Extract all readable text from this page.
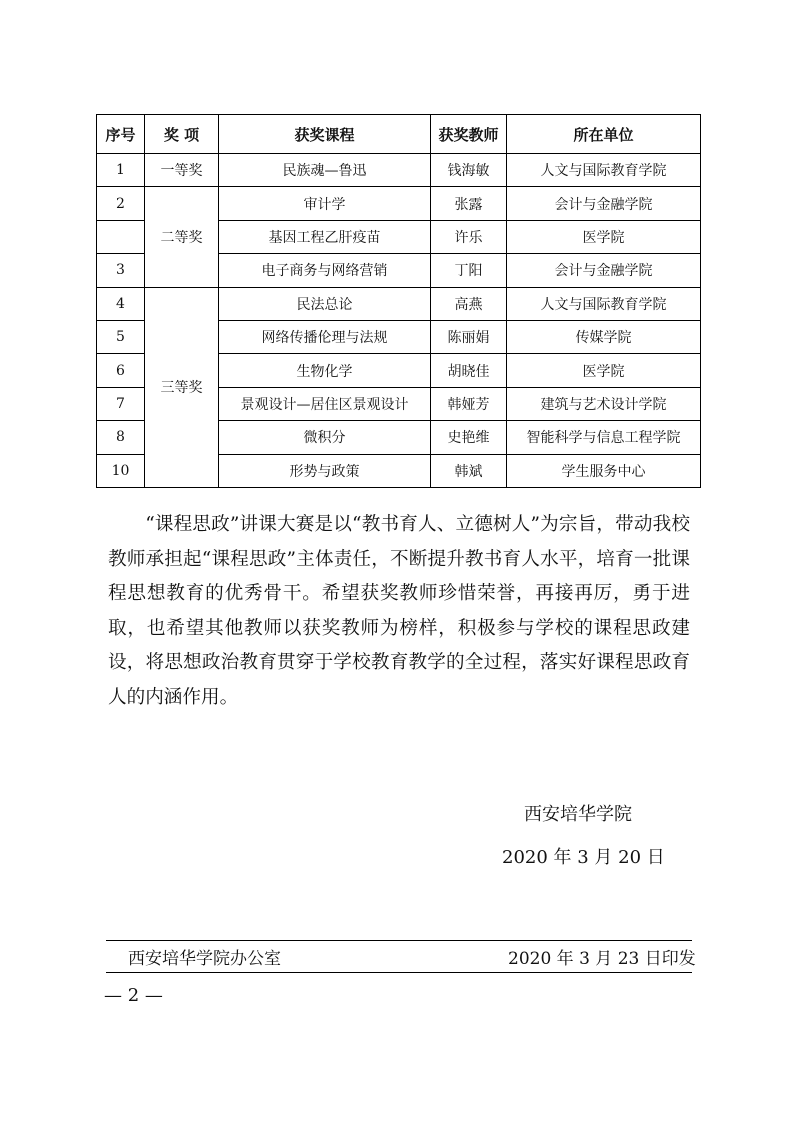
序号	奖 项	获奖课程	获奖教师	所在单位
1	一等奖	民族魂—鲁迅	钱海敏	人文与国际教育学院
2	二等奖	审计学	张露	会计与金融学院
		基因工程乙肝疫苗	许乐	医学院
3		电子商务与网络营销	丁阳	会计与金融学院
4	三等奖	民法总论	高燕	人文与国际教育学院
5		网络传播伦理与法规	陈丽娟	传媒学院
6		生物化学	胡晓佳	医学院
7		景观设计—居住区景观设计	韩娅芳	建筑与艺术设计学院
8		微积分	史艳维	智能科学与信息工程学院
10		形势与政策	韩斌	学生服务中心

“课程思政”讲课大赛是以“教书育人、立德树人”为宗旨，带动我校教师承担起“课程思政”主体责任，不断提升教书育人水平，培育一批课程思想教育的优秀骨干。希望获奖教师珍惜荣誉，再接再厉，勇于进取，也希望其他教师以获奖教师为榜样，积极参与学校的课程思政建设，将思想政治教育贯穿于学校教育教学的全过程，落实好课程思政育人的内涵作用。

西安培华学院
2020 年 3 月 20 日
西安培华学院办公室	2020 年 3 月 23 日印发
— 2 —
